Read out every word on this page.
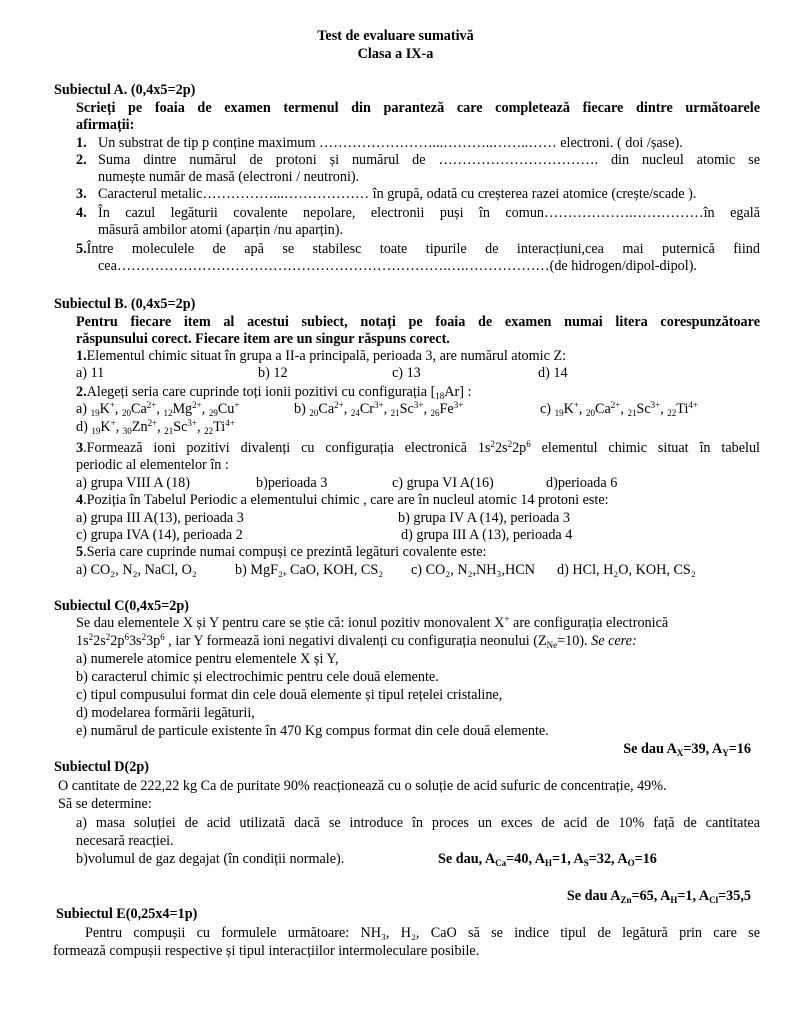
Test de evaluare sumativă
Clasa a IX-a
Subiectul A. (0,4x5=2p)
Scrieți pe foaia de examen termenul din paranteză care completează fiecare dintre următoarele
afirmații:
1. Un substrat de tip p conține maximum ……………………...………..……..…… electroni. ( doi /șase).
2. Suma dintre numărul de protoni și numărul de ……………………………. din nucleul atomic se
numește număr de masă (electroni / neutroni).
3. Caracterul metalic……………...……………… în grupă, odată cu creșterea razei atomice (crește/scade ).
4. În cazul legăturii covalente nepolare, electronii puși în comun……………….……………în egală
măsură ambilor atomi (aparțin /nu aparțin).
5.Între moleculele de apă se stabilesc toate tipurile de interacțiuni,cea mai puternică fiind
cea…………………………………………………………….….………………(de hidrogen/dipol-dipol).
Subiectul B. (0,4x5=2p)
Pentru fiecare item al acestui subiect, notați pe foaia de examen numai litera corespunzătoare
răspunsului corect. Fiecare item are un singur răspuns corect.
1.Elementul chimic situat în grupa a II-a principală, perioada 3, are numărul atomic Z:
a) 11	b) 12	c) 13	d) 14
2.Alegeți seria care cuprinde toți ionii pozitivi cu configurația $[_{18}Ar]$ :
a) $_{19}$K+, $_{20}Ca^{2+}$, $_{12}Mg^{2+}$, $_{29}$Cu+	b) $_{20}Ca^{2+}$, $_{24}Cr^{3+}$, $_{21}Sc^{3+}$, $_{26}Fe^{3+}$	c) $_{19}$K+, $_{20}Ca^{2+}$, $_{21}Sc^{3+}$, $_{22}Ti^{4+}$
d) $_{19}$K+, $_{30}Zn^{2+}$, $_{21}Sc^{3+}$, $_{22}Ti^{4+}$
3.Formează ioni pozitivi divalenți cu configurația electronică $1s^22s^22p^6$ elementul chimic situat în tabelul
periodic al elementelor în :
a) grupa VIII A (18)	b)perioada 3	c) grupa VI A(16)	d)perioada 6
4.Poziția în Tabelul Periodic a elementului chimic , care are în nucleul atomic 14 protoni este:
a) grupa III A(13), perioada 3	b) grupa IV A (14), perioada 3
c) grupa IVA (14), perioada 2	d) grupa III A (13), perioada 4
5.Seria care cuprinde numai compuși ce prezintă legături covalente este:
a) CO₂, N₂, NaCl, O₂	b) MgF₂, CaO, KOH, CS₂ c) CO₂, N₂,NH₃,HCN d) HCl, H₂O, KOH, CS₂
Subiectul C(0,4x5=2p)
Se dau elementele X și Y pentru care se știe că: ionul pozitiv monovalent X+ are configurația electronică
$1s^22s^22p^63s^23p^6$ , iar Y formează ioni negativi divalenți cu configurația neonului $(Z_{Ne}=10)$. Se cere:
a) numerele atomice pentru elementele X și Y,
b) caracterul chimic și electrochimic pentru cele două elemente.
c) tipul compusului format din cele două elemente și tipul rețelei cristaline,
d) modelarea formării legăturii,
e) numărul de particule existente în 470 Kg compus format din cele două elemente.
Se dau $A_X=39$, $A_Y=16$
Subiectul D(2p)
O cantitate de 222,22 kg Ca de puritate 90% reacționează cu o soluție de acid sufuric de concentrație, 49%.
Să se determine:
a) masa soluției de acid utilizată dacă se introduce în proces un exces de acid de 10% față de cantitatea
necesară reacției.
b)volumul de gaz degajat (în condiții normale).	Se dau, $A_{Ca}=40$, $A_H=1$, $A_S=32$, $A_O=16$
Se dau $A_{Zn}=65$, $A_H=1$, $A_{Cl}=35,5$
Subiectul E(0,25x4=1p)
Pentru compușii cu formulele următoare: NH₃, H₂, CaO să se indice tipul de legătură prin care se
formează compușii respective și tipul interacțiilor intermoleculare posibile.
